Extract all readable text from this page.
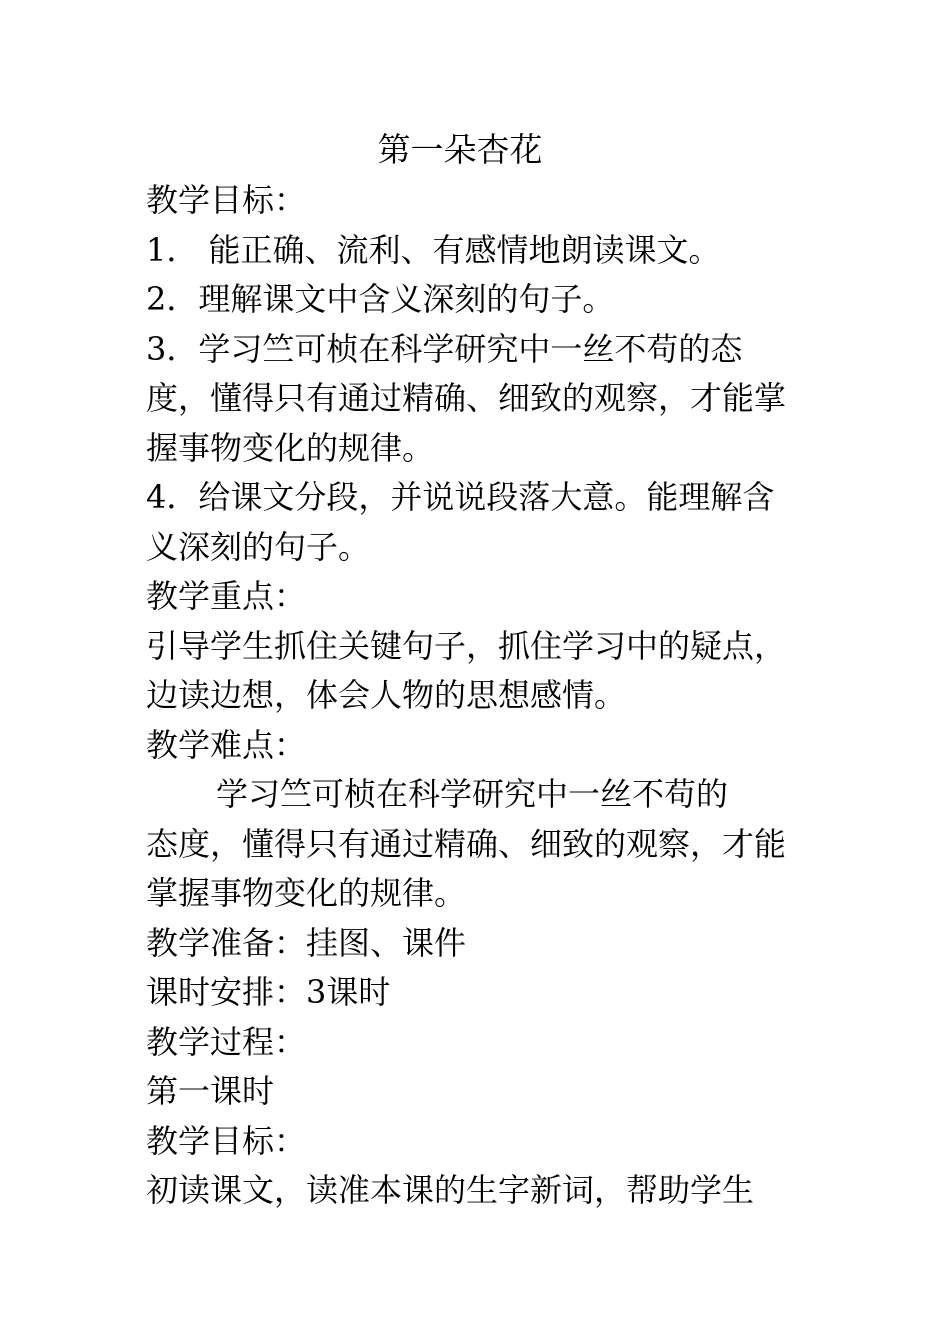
第一朵杏花
教学目标：
1． 能正确、流利、有感情地朗读课文。
2．理解课文中含义深刻的句子。
3．学习竺可桢在科学研究中一丝不苟的态
度，懂得只有通过精确、细致的观察，才能掌
握事物变化的规律。
4．给课文分段，并说说段落大意。能理解含
义深刻的句子。
教学重点：
引导学生抓住关键句子，抓住学习中的疑点，
边读边想，体会人物的思想感情。
教学难点：
学习竺可桢在科学研究中一丝不苟的
态度，懂得只有通过精确、细致的观察，才能
掌握事物变化的规律。
教学准备：挂图、课件
课时安排：3课时
教学过程：
第一课时
教学目标：
初读课文，读准本课的生字新词，帮助学生
